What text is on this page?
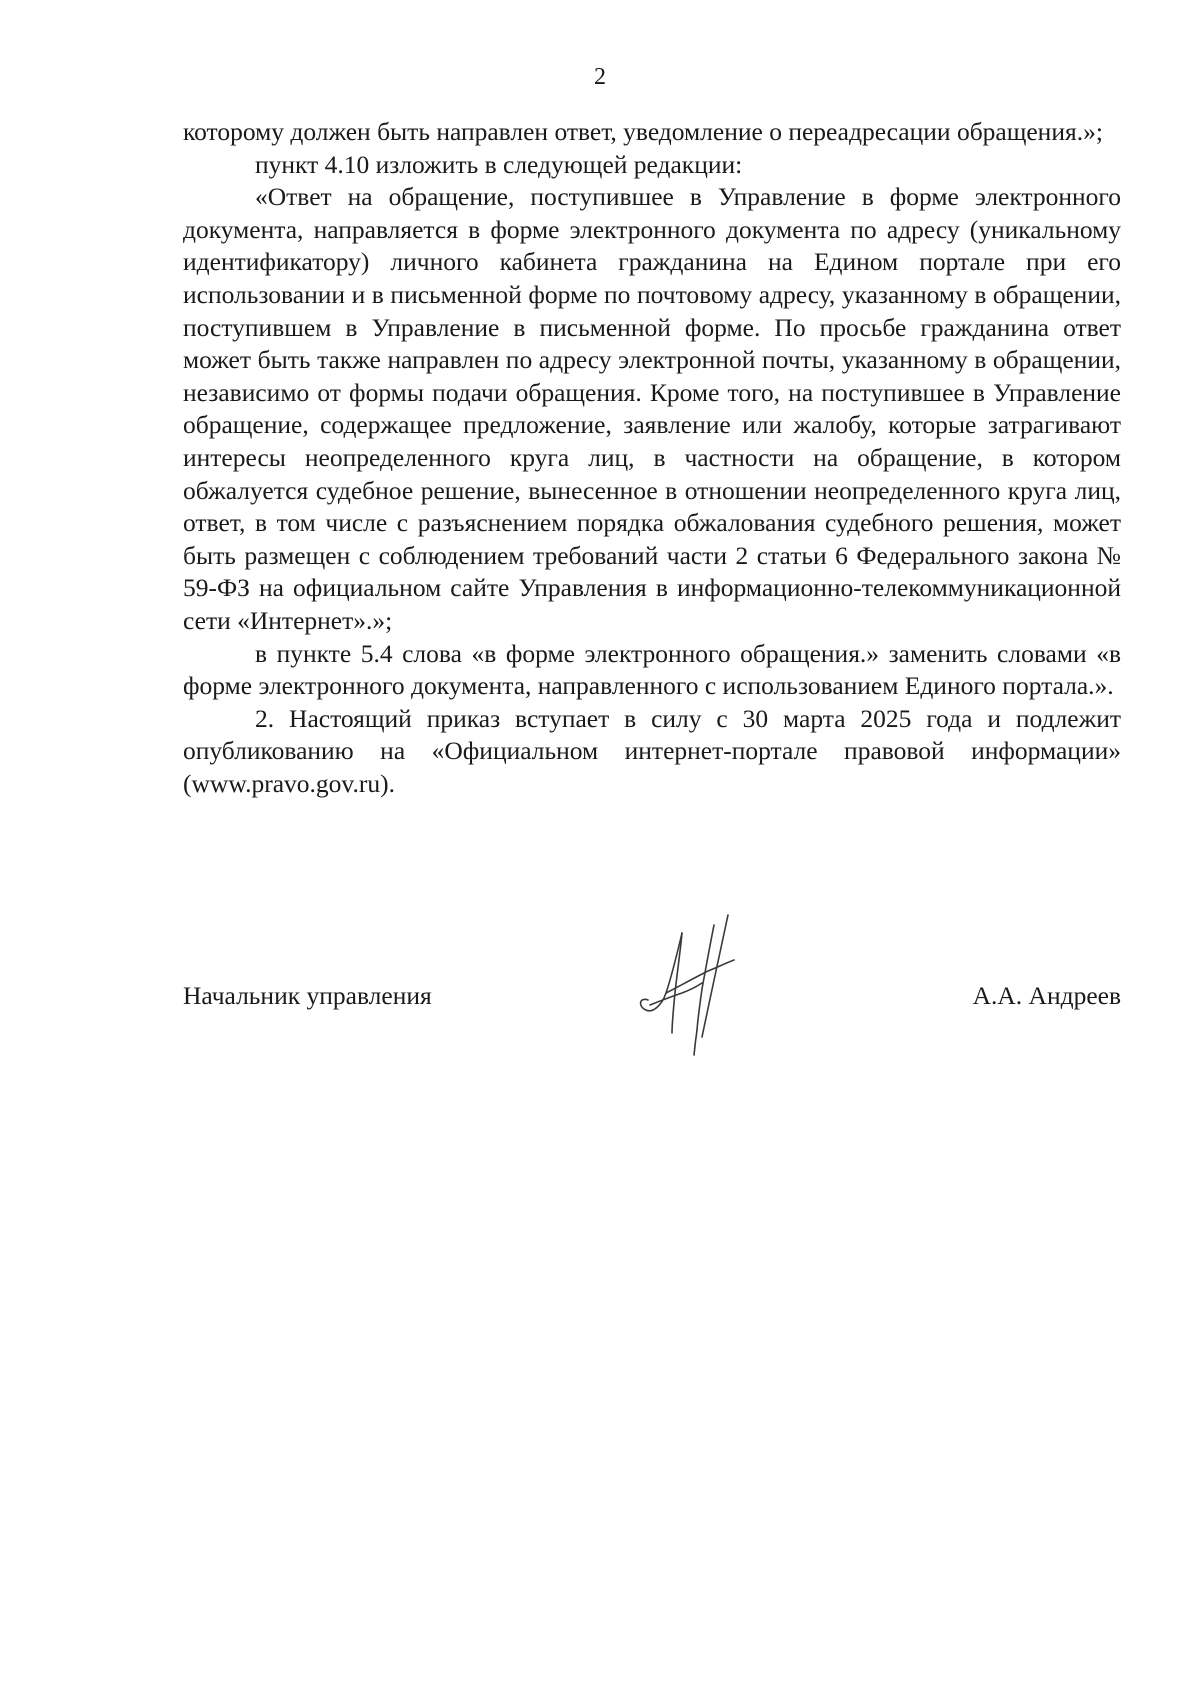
2

которому должен быть направлен ответ, уведомление о переадресации обращения.»;

пункт 4.10 изложить в следующей редакции:

«Ответ на обращение, поступившее в Управление в форме электронного документа, направляется в форме электронного документа по адресу (уникальному идентификатору) личного кабинета гражданина на Едином портале при его использовании и в письменной форме по почтовому адресу, указанному в обращении, поступившем в Управление в письменной форме. По просьбе гражданина ответ может быть также направлен по адресу электронной почты, указанному в обращении, независимо от формы подачи обращения. Кроме того, на поступившее в Управление обращение, содержащее предложение, заявление или жалобу, которые затрагивают интересы неопределенного круга лиц, в частности на обращение, в котором обжалуется судебное решение, вынесенное в отношении неопределенного круга лиц, ответ, в том числе с разъяснением порядка обжалования судебного решения, может быть размещен с соблюдением требований части 2 статьи 6 Федерального закона № 59-ФЗ на официальном сайте Управления в информационно-телекоммуникационной сети «Интернет».»;

в пункте 5.4 слова «в форме электронного обращения.» заменить словами «в форме электронного документа, направленного с использованием Единого портала.».

2. Настоящий приказ вступает в силу с 30 марта 2025 года и подлежит опубликованию на «Официальном интернет-портале правовой информации» (www.pravo.gov.ru).

Начальник управления	А.А. Андреев
